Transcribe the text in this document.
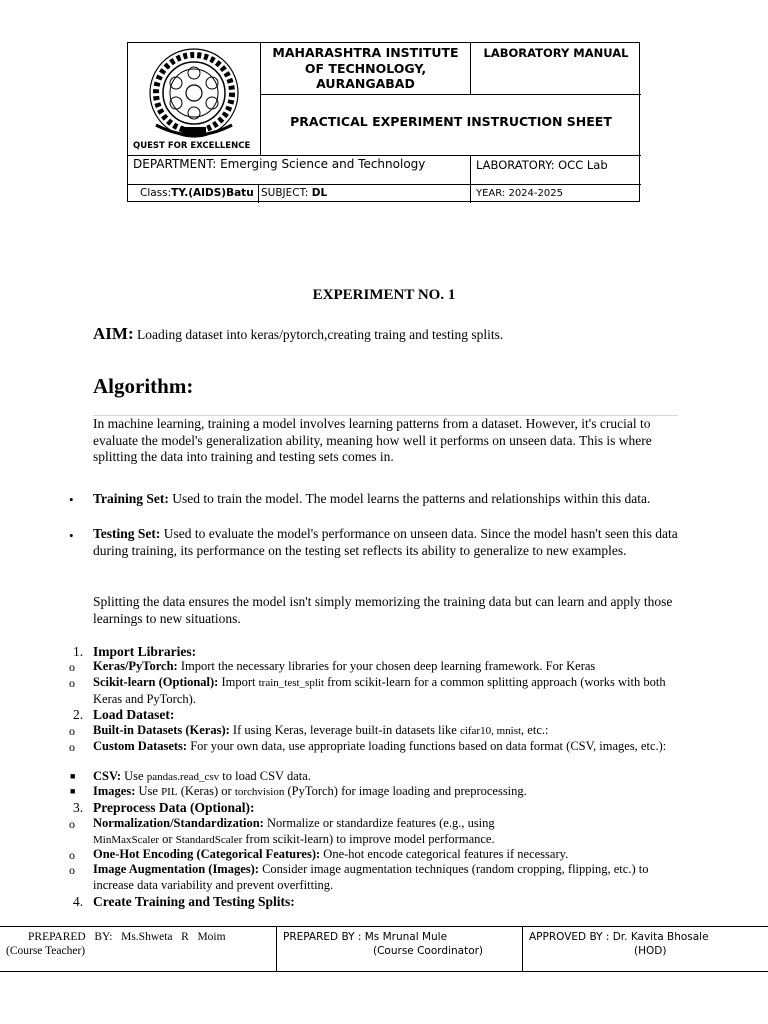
QUEST FOR EXCELLENCE
MAHARASHTRA INSTITUTE
OF TECHNOLOGY,
AURANGABAD
LABORATORY MANUAL
PRACTICAL EXPERIMENT INSTRUCTION SHEET
DEPARTMENT: Emerging Science and Technology	LABORATORY: OCC Lab
Class:TY.(AIDS)Batu SUBJECT: DL	YEAR: 2024-2025
EXPERIMENT NO. 1
AIM: Loading dataset into keras/pytorch,creating traing and testing splits.
Algorithm:
In machine learning, training a model involves learning patterns from a dataset. However, it's crucial to evaluate the model's generalization ability, meaning how well it performs on unseen data. This is where splitting the data into training and testing sets comes in.
• Training Set: Used to train the model. The model learns the patterns and relationships within this data.
• Testing Set: Used to evaluate the model's performance on unseen data. Since the model hasn't seen this data during training, its performance on the testing set reflects its ability to generalize to new examples.
Splitting the data ensures the model isn't simply memorizing the training data but can learn and apply those learnings to new situations.
1. Import Libraries:
o Keras/PyTorch: Import the necessary libraries for your chosen deep learning framework. For Keras
o Scikit-learn (Optional): Import train_test_split from scikit-learn for a common splitting approach (works with both Keras and PyTorch).
2. Load Dataset:
o Built-in Datasets (Keras): If using Keras, leverage built-in datasets like cifar10, mnist, etc.:
o Custom Datasets: For your own data, use appropriate loading functions based on data format (CSV, images, etc.):
■ CSV: Use pandas.read_csv to load CSV data.
■ Images: Use PIL (Keras) or torchvision (PyTorch) for image loading and preprocessing.
3. Preprocess Data (Optional):
o Normalization/Standardization: Normalize or standardize features (e.g., using MinMaxScaler or StandardScaler from scikit-learn) to improve model performance.
o One-Hot Encoding (Categorical Features): One-hot encode categorical features if necessary.
o Image Augmentation (Images): Consider image augmentation techniques (random cropping, flipping, etc.) to increase data variability and prevent overfitting.
4. Create Training and Testing Splits:
PREPARED   BY:   Ms.Shweta   R   Moim
(Course Teacher)
PREPARED BY : Ms Mrunal Mule
(Course Coordinator)
APPROVED BY : Dr. Kavita Bhosale
(HOD)
